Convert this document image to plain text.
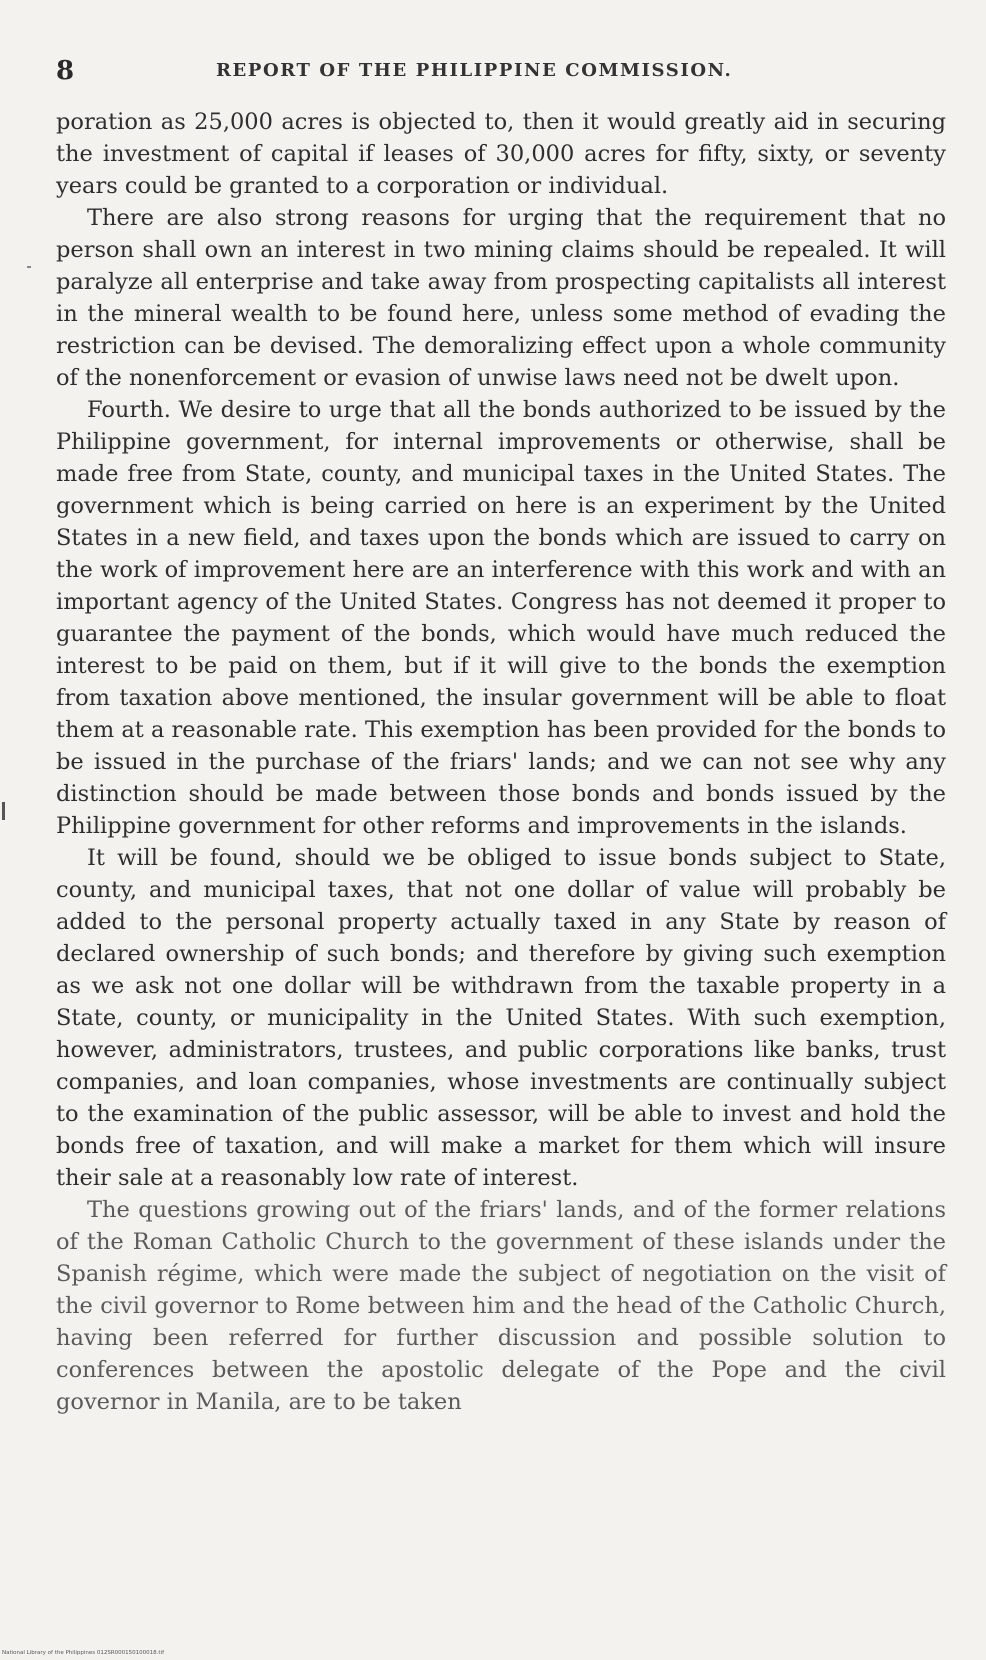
8	REPORT OF THE PHILIPPINE COMMISSION.

poration as 25,000 acres is objected to, then it would greatly aid in securing the investment of capital if leases of 30,000 acres for fifty, sixty, or seventy years could be granted to a corporation or individual.

There are also strong reasons for urging that the requirement that no person shall own an interest in two mining claims should be repealed. It will paralyze all enterprise and take away from prospecting capitalists all interest in the mineral wealth to be found here, unless some method of evading the restriction can be devised. The demoralizing effect upon a whole community of the nonenforcement or evasion of unwise laws need not be dwelt upon.

Fourth. We desire to urge that all the bonds authorized to be issued by the Philippine government, for internal improvements or otherwise, shall be made free from State, county, and municipal taxes in the United States. The government which is being carried on here is an experiment by the United States in a new field, and taxes upon the bonds which are issued to carry on the work of improvement here are an interference with this work and with an important agency of the United States. Congress has not deemed it proper to guarantee the payment of the bonds, which would have much reduced the interest to be paid on them, but if it will give to the bonds the exemption from taxation above mentioned, the insular government will be able to float them at a reasonable rate. This exemption has been provided for the bonds to be issued in the purchase of the friars' lands; and we can not see why any distinction should be made between those bonds and bonds issued by the Philippine government for other reforms and improvements in the islands.

It will be found, should we be obliged to issue bonds subject to State, county, and municipal taxes, that not one dollar of value will probably be added to the personal property actually taxed in any State by reason of declared ownership of such bonds; and therefore by giving such exemption as we ask not one dollar will be withdrawn from the taxable property in a State, county, or municipality in the United States. With such exemption, however, administrators, trustees, and public corporations like banks, trust companies, and loan companies, whose investments are continually subject to the examination of the public assessor, will be able to invest and hold the bonds free of taxation, and will make a market for them which will insure their sale at a reasonably low rate of interest.

The questions growing out of the friars' lands, and of the former relations of the Roman Catholic Church to the government of these islands under the Spanish régime, which were made the subject of negotiation on the visit of the civil governor to Rome between him and the head of the Catholic Church, having been referred for further discussion and possible solution to conferences between the apostolic delegate of the Pope and the civil governor in Manila, are to be taken

National Library of the Philippines 012SR000150100018.tif
